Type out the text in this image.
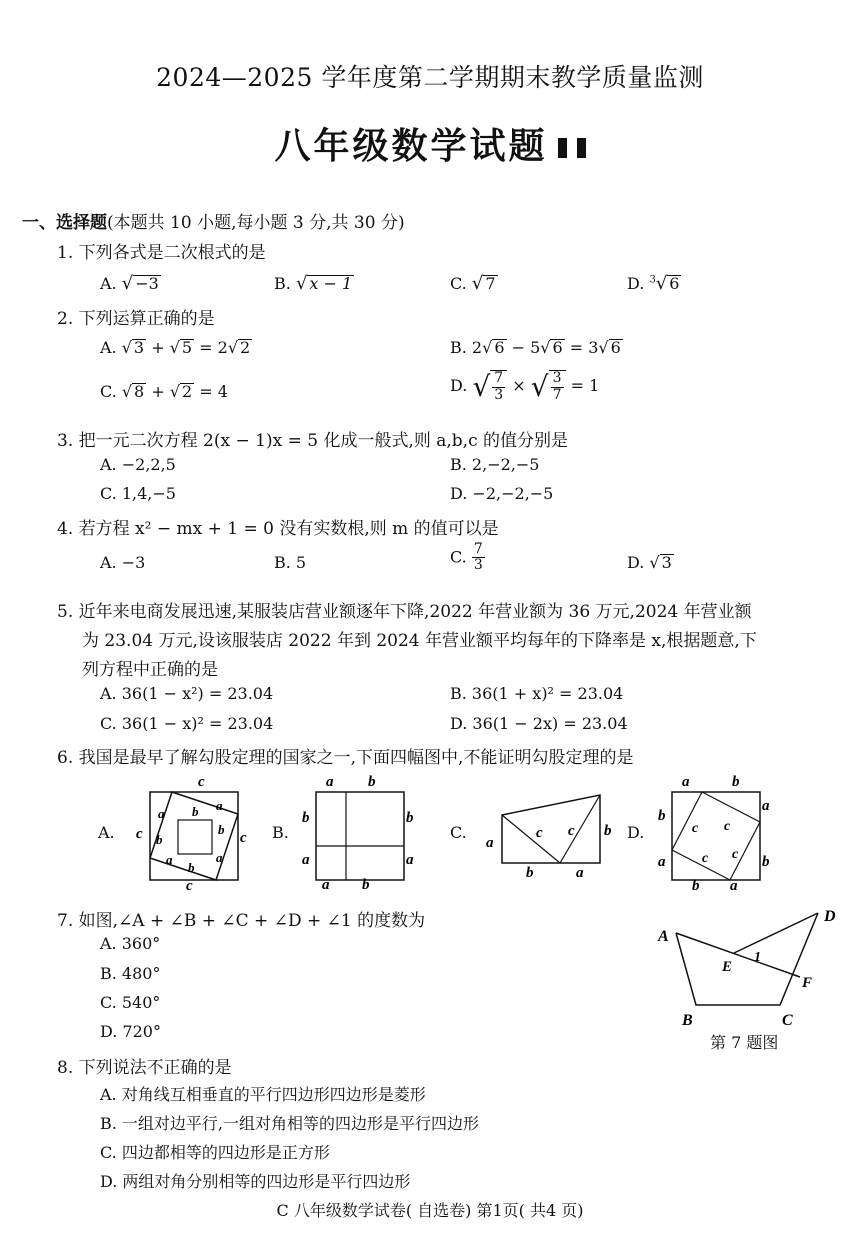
2024—2025 学年度第二学期期末教学质量监测
八年级数学试题
一、选择题(本题共 10 小题,每小题 3 分,共 30 分)
1. 下列各式是二次根式的是
A. √ −3	B. √ x − 1	C. √ 7	D. $^3$√ 6
2. 下列运算正确的是
A. √ 3 + √ 5 = 2√ 2	B. 2√ 6 − 5√ 6 = 3√ 6
C. √ 8 + √ 2 = 4	D. √ $\frac{7}{3}$ × √ $\frac{3}{7} = 1$
3. 把一元二次方程 2(x − 1)x = 5 化成一般式,则 a,b,c 的值分别是
A. −2,2,5	B. 2,−2,−5
C. 1,4,−5	D. −2,−2,−5
4. 若方程 x² − mx + 1 = 0 没有实数根,则 m 的值可以是
A. −3	B. 5	C. $\frac{7}{3}$	D. √ 3
5. 近年来电商发展迅速,某服装店营业额逐年下降,2022 年营业额为 36 万元,2024 年营业额
为 23.04 万元,设该服装店 2022 年到 2024 年营业额平均每年的下降率是 x,根据题意,下
列方程中正确的是
A. 36(1 − x²) = 23.04	B. 36(1 + x)² = 23.04
C. 36(1 − x)² = 23.04	D. 36(1 − 2x) = 23.04
6. 我国是最早了解勾股定理的国家之一,下面四幅图中,不能证明勾股定理的是
A.
c
c	c
c
a b a
b
b
a
b
a
B.
a b
b	b
a	a
a b
C.
a
c c b
b	a
D.
a	b
b
a
a	b
b a
c
c
c c
7. 如图,∠A + ∠B + ∠C + ∠D + ∠1 的度数为
A. 360°
B. 480°
C. 540°
D. 720°
A
B	C
D
E
F
1
第 7 题图
8. 下列说法不正确的是
A. 对角线互相垂直的平行四边形四边形是菱形
B. 一组对边平行,一组对角相等的四边形是平行四边形
C. 四边都相等的四边形是正方形
D. 两组对角分别相等的四边形是平行四边形
C 八年级数学试卷( 自选卷) 第1页( 共4 页)
